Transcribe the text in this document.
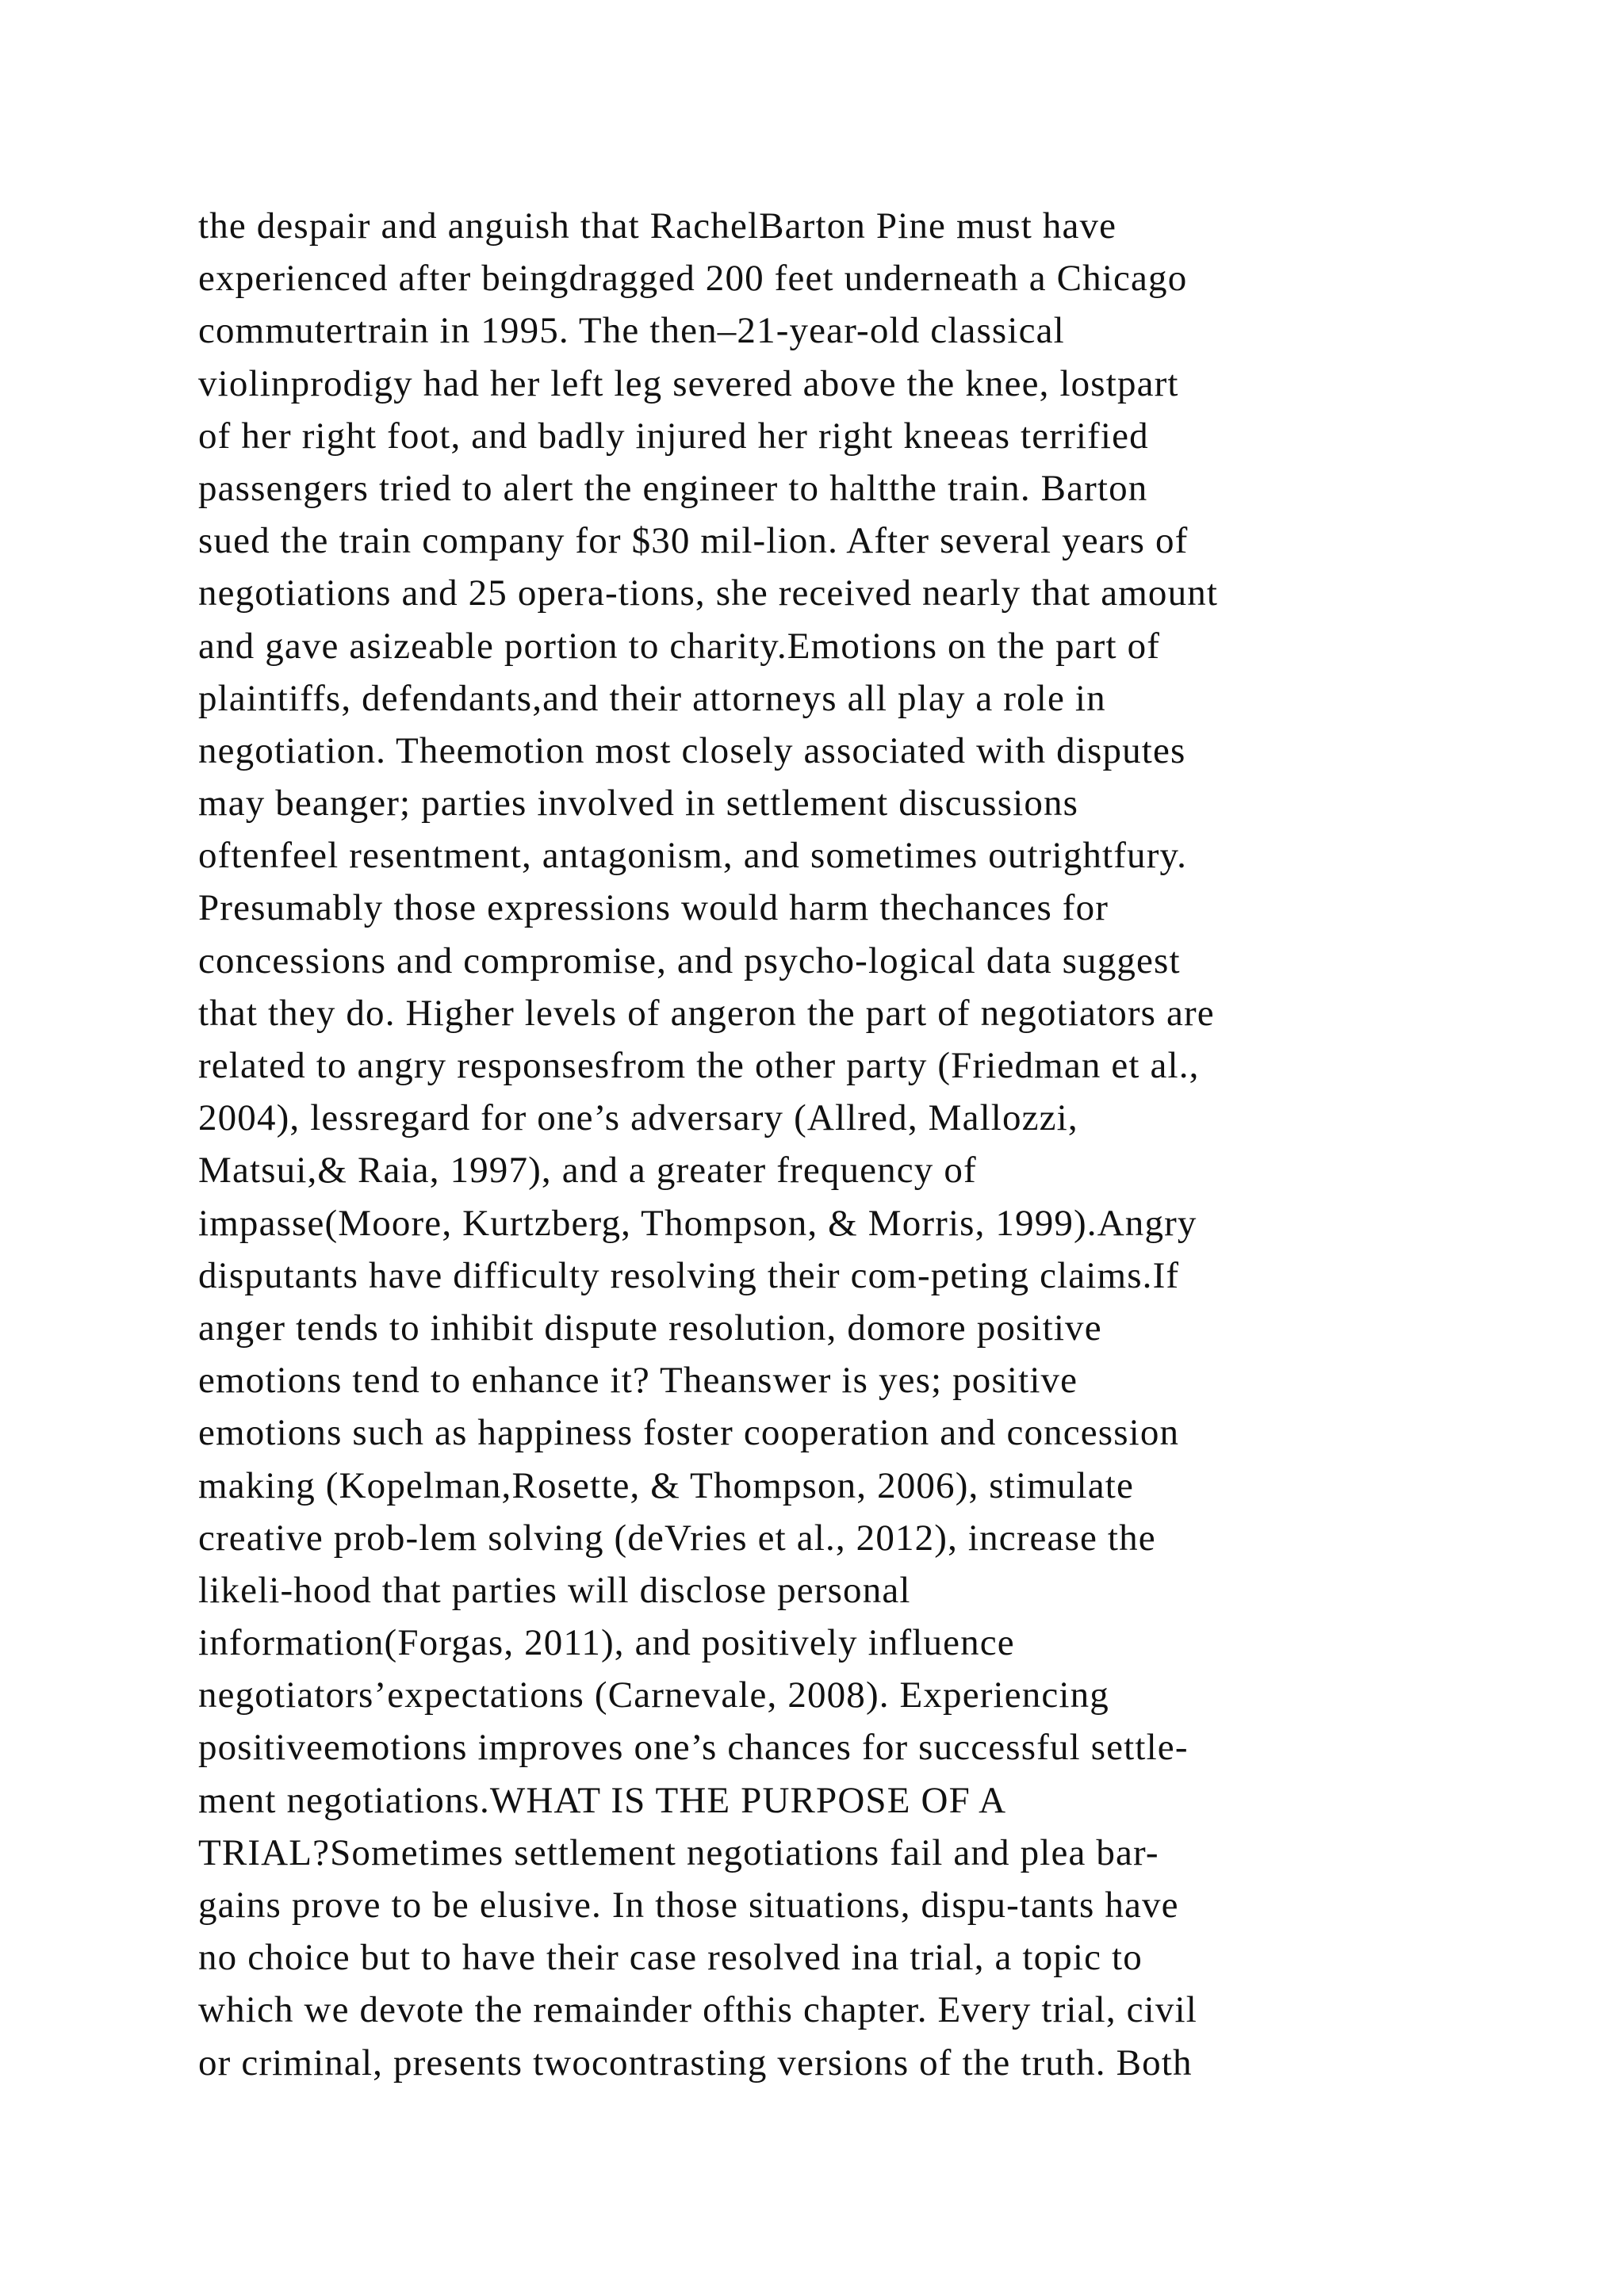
the despair and anguish that RachelBarton Pine must have
experienced after beingdragged 200 feet underneath a Chicago
commutertrain in 1995. The then–21-year-old classical
violinprodigy had her left leg severed above the knee, lostpart
of her right foot, and badly injured her right kneeas terrified
passengers tried to alert the engineer to haltthe train. Barton
sued the train company for $30 mil-lion. After several years of
negotiations and 25 opera-tions, she received nearly that amount
and gave asizeable portion to charity.Emotions on the part of
plaintiffs, defendants,and their attorneys all play a role in
negotiation. Theemotion most closely associated with disputes
may beanger; parties involved in settlement discussions
oftenfeel resentment, antagonism, and sometimes outrightfury.
Presumably those expressions would harm thechances for
concessions and compromise, and psycho-logical data suggest
that they do. Higher levels of angeron the part of negotiators are
related to angry responsesfrom the other party (Friedman et al.,
2004), lessregard for one’s adversary (Allred, Mallozzi,
Matsui,& Raia, 1997), and a greater frequency of
impasse(Moore, Kurtzberg, Thompson, & Morris, 1999).Angry
disputants have difficulty resolving their com-peting claims.If
anger tends to inhibit dispute resolution, domore positive
emotions tend to enhance it? Theanswer is yes; positive
emotions such as happiness foster cooperation and concession
making (Kopelman,Rosette, & Thompson, 2006), stimulate
creative prob-lem solving (deVries et al., 2012), increase the
likeli-hood that parties will disclose personal
information(Forgas, 2011), and positively influence
negotiators’expectations (Carnevale, 2008). Experiencing
positiveemotions improves one’s chances for successful settle-
ment negotiations.WHAT IS THE PURPOSE OF A
TRIAL?Sometimes settlement negotiations fail and plea bar-
gains prove to be elusive. In those situations, dispu-tants have
no choice but to have their case resolved ina trial, a topic to
which we devote the remainder ofthis chapter. Every trial, civil
or criminal, presents twocontrasting versions of the truth. Both
